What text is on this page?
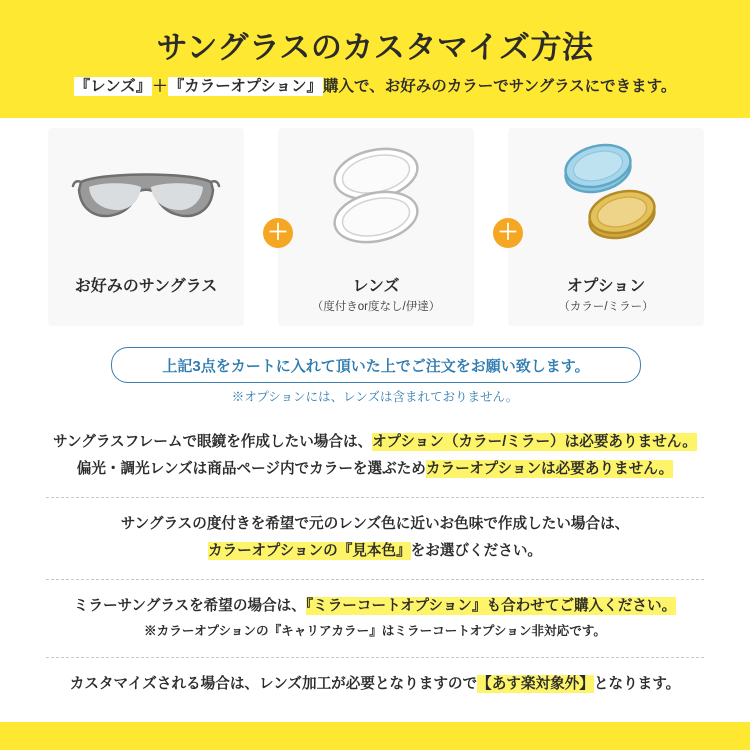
サングラスのカスタマイズ方法
『レンズ』＋『カラーオプション』購入で、お好みのカラーでサングラスにできます。
お好みのサングラス	レンズ
（度付きor度なし/伊達）
オプション
（カラー/ミラー）
＋	＋
上記3点をカートに入れて頂いた上でご注文をお願い致します。
※オプションには、レンズは含まれておりません。
サングラスフレームで眼鏡を作成したい場合は、オプション（カラー/ミラー）は必要ありません。
偏光・調光レンズは商品ページ内でカラーを選ぶためカラーオプションは必要ありません。
サングラスの度付きを希望で元のレンズ色に近いお色味で作成したい場合は、
カラーオプションの『見本色』をお選びください。
ミラーサングラスを希望の場合は、『ミラーコートオプション』も合わせてご購入ください。
※カラーオプションの『キャリアカラー』はミラーコートオプション非対応です。
カスタマイズされる場合は、レンズ加工が必要となりますので【あす楽対象外】となります。
